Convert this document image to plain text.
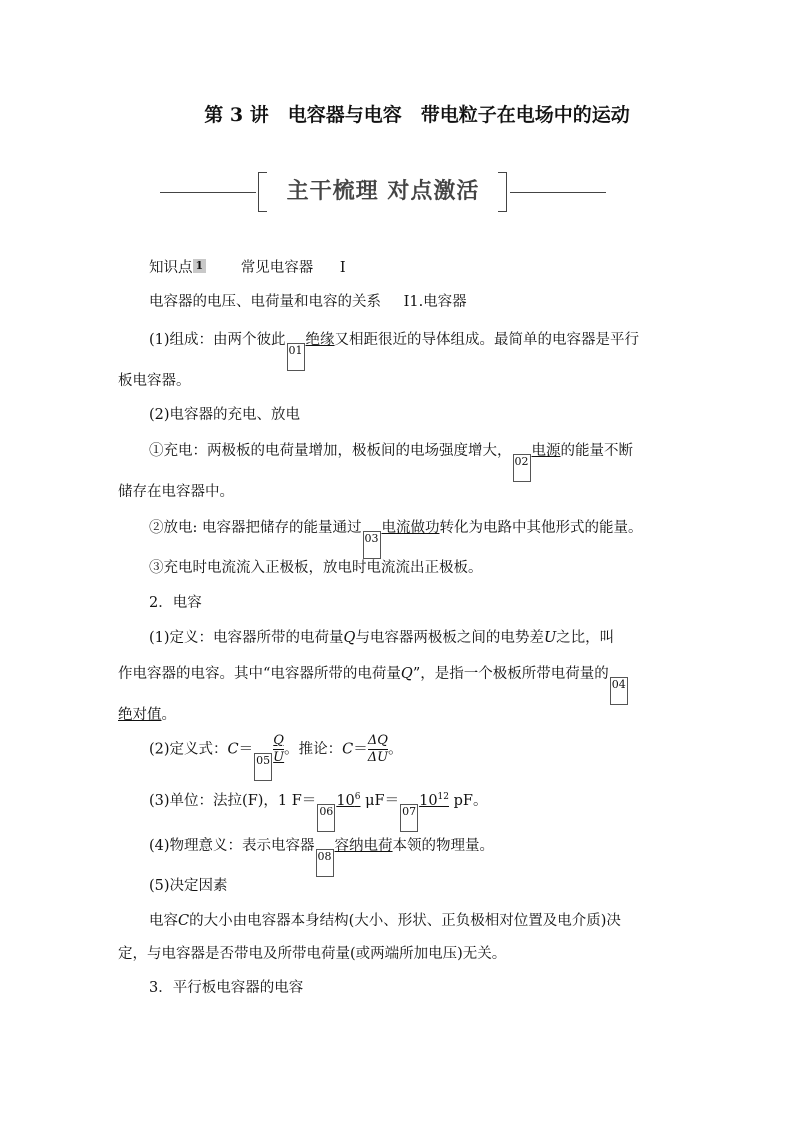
第 3 讲　电容器与电容　带电粒子在电场中的运动
主干梳理 对点激活
知识点 1	常见电容器 Ⅰ
电容器的电压、电荷量和电容的关系 Ⅰ1.电容器
(1)组成：由两个彼此01绝缘又相距很近的导体组成。最简单的电容器是平行
板电容器。
(2)电容器的充电、放电
①充电：两极板的电荷量增加，极板间的电场强度增大，02电源的能量不断
储存在电容器中。
②放电: 电容器把储存的能量通过03电流做功转化为电路中其他形式的能量。
③充电时电流流入正极板，放电时电流流出正极板。
2．电容
(1)定义：电容器所带的电荷量Q与电容器两极板之间的电势差U之比，叫
作电容器的电容。其中“电容器所带的电荷量Q”，是指一个极板所带电荷量的04
绝对值。
(2)定义式：$C=05 \frac{Q}{U}$ 。推论：$C= \frac{\Delta Q}{\Delta U}$ 。
(3)单位：法拉(F)，1 $F=0610^6$ $\mu F=0710^{12}$ pF。
(4)物理意义：表示电容器08容纳电荷本领的物理量。
(5)决定因素
电容C的大小由电容器本身结构(大小、形状、正负极相对位置及电介质)决
定，与电容器是否带电及所带电荷量(或两端所加电压)无关。
3．平行板电容器的电容
